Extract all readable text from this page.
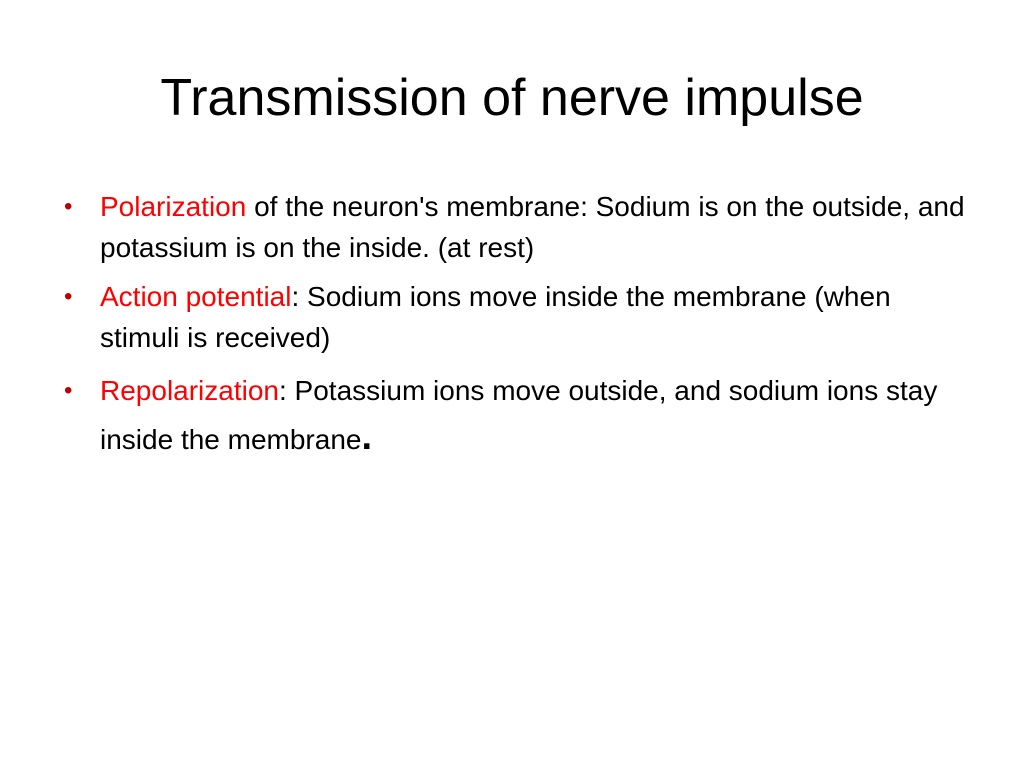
Transmission of nerve impulse
• Polarization of the neuron's membrane: Sodium is on the outside, and potassium is on the inside. (at rest)
• Action potential: Sodium ions move inside the membrane (when stimuli is received)
• Repolarization: Potassium ions move outside, and sodium ions stay inside the membrane.
